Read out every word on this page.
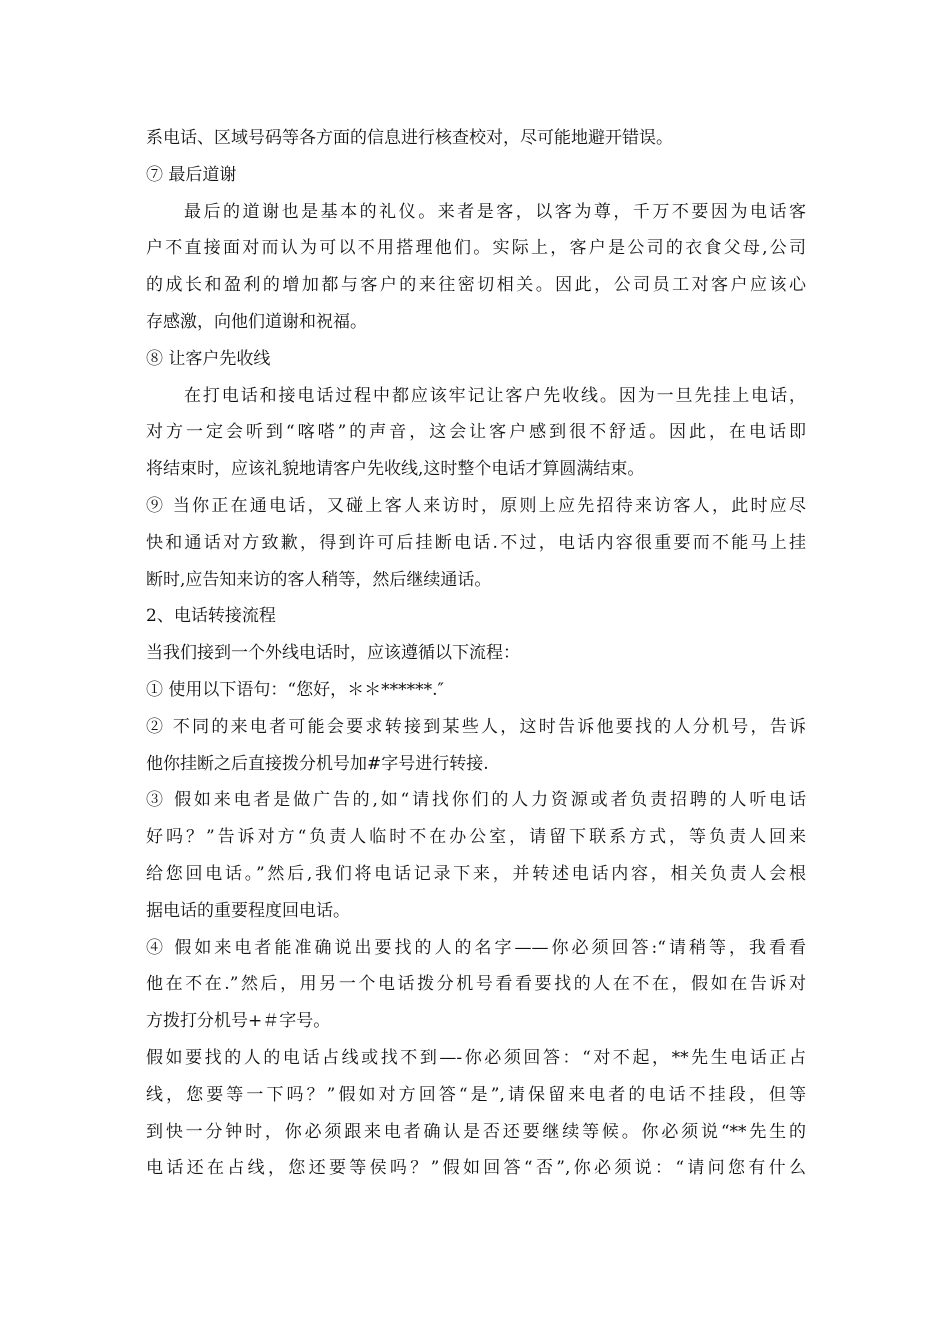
系电话、区域号码等各方面的信息进行核查校对，尽可能地避开错误。
⑦ 最后道谢
最后的道谢也是基本的礼仪。来者是客，以客为尊，千万不要因为电话客
户不直接面对而认为可以不用搭理他们。实际上，客户是公司的衣食父母,公司
的成长和盈利的增加都与客户的来往密切相关。因此，公司员工对客户应该心
存感激，向他们道谢和祝福。
⑧ 让客户先收线
在打电话和接电话过程中都应该牢记让客户先收线。因为一旦先挂上电话，
对方一定会听到“喀嗒”的声音，这会让客户感到很不舒适。因此，在电话即
将结束时，应该礼貌地请客户先收线,这时整个电话才算圆满结束。
⑨ 当你正在通电话，又碰上客人来访时，原则上应先招待来访客人，此时应尽
快和通话对方致歉，得到许可后挂断电话.不过，电话内容很重要而不能马上挂
断时,应告知来访的客人稍等，然后继续通话。
2、电话转接流程
当我们接到一个外线电话时，应该遵循以下流程：
① 使用以下语句：“您好，＊＊******.″
② 不同的来电者可能会要求转接到某些人，这时告诉他要找的人分机号，告诉
他你挂断之后直接拨分机号加#字号进行转接.
③ 假如来电者是做广告的,如“请找你们的人力资源或者负责招聘的人听电话
好吗？”告诉对方“负责人临时不在办公室，请留下联系方式，等负责人回来
给您回电话。”然后,我们将电话记录下来，并转述电话内容，相关负责人会根
据电话的重要程度回电话。
④ 假如来电者能准确说出要找的人的名字——你必须回答:“请稍等，我看看
他在不在.”然后，用另一个电话拨分机号看看要找的人在不在，假如在告诉对
方拨打分机号+＃字号。
假如要找的人的电话占线或找不到—-你必须回答：“对不起，**先生电话正占
线，您要等一下吗？”假如对方回答“是”,请保留来电者的电话不挂段，但等
到快一分钟时，你必须跟来电者确认是否还要继续等候。你必须说“**先生的
电话还在占线，您还要等侯吗？”假如回答“否”,你必须说：“请问您有什么
